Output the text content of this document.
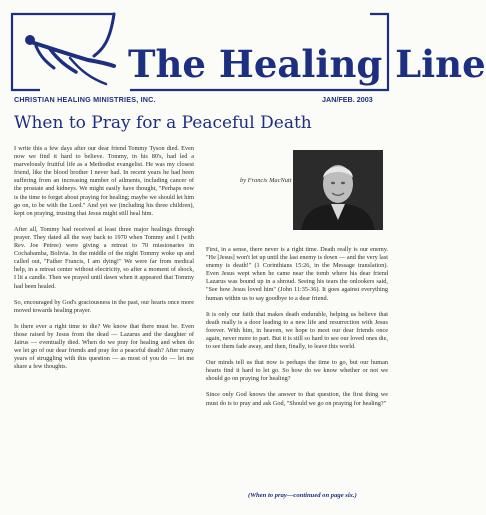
The Healing Line
CHRISTIAN HEALING MINISTRIES, INC.	JAN/FEB. 2003
When to Pray for a Peaceful Death

I write this a few days after our dear friend Tommy Tyson died. Even now we find it hard to believe. Tommy, in his 80's, had led a marvelously fruitful life as a Methodist evangelist. He was my closest friend, like the blood brother I never had. In recent years he had been suffering from an increasing number of ailments, including cancer of the prostate and kidneys. We might easily have thought, "Perhaps now is the time to forget about praying for healing; maybe we should let him go on, to be with the Lord." And yet we (including his three children), kept on praying, trusting that Jesus might still heal him.

After all, Tommy had received at least three major healings through prayer. They dated all the way back to 1970 when Tommy and I (with Rev. Joe Petree) were giving a retreat to 70 missionaries in Cochabamba, Bolivia. In the middle of the night Tommy woke up and called out, "Father Francis, I am dying!" We were far from medical help, in a retreat center without electricity, so after a moment of shock, I lit a candle. Then we prayed until dawn when it appeared that Tommy had been healed.

So, encouraged by God's graciousness in the past, our hearts once more moved towards healing prayer.

Is there ever a right time to die? We know that there must be. Even those raised by Jesus from the dead — Lazarus and the daughter of Jairus — eventually died. When do we pray for healing and when do we let go of our dear friends and pray for a peaceful death? After many years of struggling with this question — as most of you do — let me share a few thoughts.

by Francis MacNutt

First, in a sense, there never is a right time. Death really is our enemy. "He [Jesus] won't let up until the last enemy is down — and the very last enemy is death!" (1 Corinthians 15:26, in the Message translation). Even Jesus wept when he came near the tomb where his dear friend Lazarus was bound up in a shroud. Seeing his tears the onlookers said, "See how Jesus loved him" (John 11:35-36). It goes against everything human within us to say goodbye to a dear friend.

It is only our faith that makes death endurable, helping us believe that death really is a door leading to a new life and resurrection with Jesus forever. With him, in heaven, we hope to meet our dear friends once again, never more to part. But it is still so hard to see our loved ones die, to see them fade away, and then, finally, to leave this world.

Our minds tell us that now is perhaps the time to go, but our human hearts find it hard to let go. So how do we know whether or not we should go on praying for healing?

Since only God knows the answer to that question, the first thing we must do is to pray and ask God, "Should we go on praying for healing?"

(When to pray—continued on page six.)
